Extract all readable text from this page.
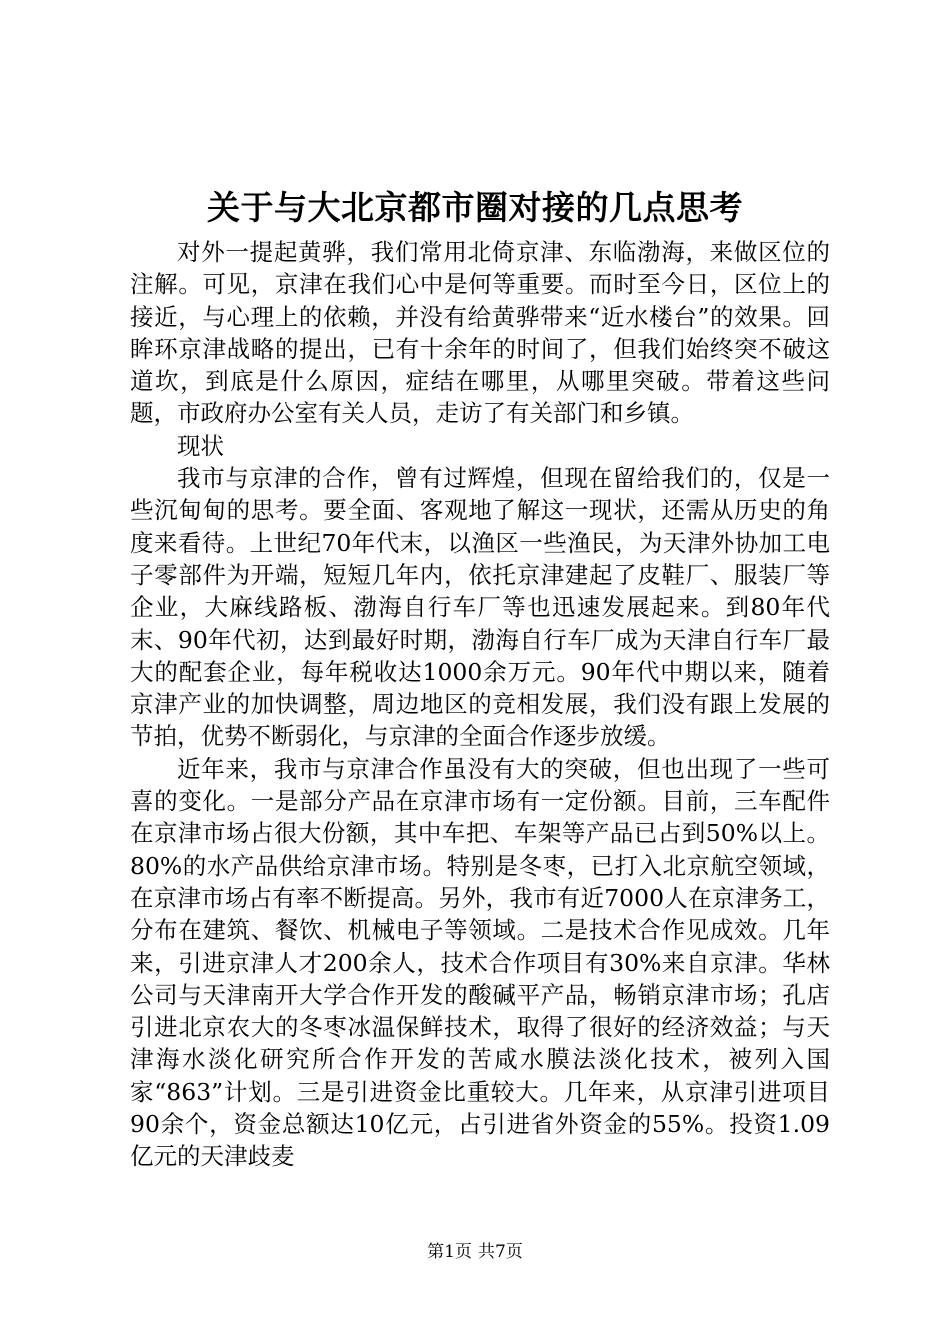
关于与大北京都市圈对接的几点思考

对外一提起黄骅，我们常用北倚京津、东临渤海，来做区位的注解。可见，京津在我们心中是何等重要。而时至今日，区位上的接近，与心理上的依赖，并没有给黄骅带来“近水楼台”的效果。回眸环京津战略的提出，已有十余年的时间了，但我们始终突不破这道坎，到底是什么原因，症结在哪里，从哪里突破。带着这些问题，市政府办公室有关人员，走访了有关部门和乡镇。

现状

我市与京津的合作，曾有过辉煌，但现在留给我们的，仅是一些沉甸甸的思考。要全面、客观地了解这一现状，还需从历史的角度来看待。上世纪70年代末，以渔区一些渔民，为天津外协加工电子零部件为开端，短短几年内，依托京津建起了皮鞋厂、服装厂等企业，大麻线路板、渤海自行车厂等也迅速发展起来。到80年代末、90年代初，达到最好时期，渤海自行车厂成为天津自行车厂最大的配套企业，每年税收达1000余万元。90年代中期以来，随着京津产业的加快调整，周边地区的竞相发展，我们没有跟上发展的节拍，优势不断弱化，与京津的全面合作逐步放缓。

近年来，我市与京津合作虽没有大的突破，但也出现了一些可喜的变化。一是部分产品在京津市场有一定份额。目前，三车配件在京津市场占很大份额，其中车把、车架等产品已占到50%以上。80%的水产品供给京津市场。特别是冬枣，已打入北京航空领域，在京津市场占有率不断提高。另外，我市有近7000人在京津务工，分布在建筑、餐饮、机械电子等领域。二是技术合作见成效。几年来，引进京津人才200余人，技术合作项目有30%来自京津。华林公司与天津南开大学合作开发的酸碱平产品，畅销京津市场；孔店引进北京农大的冬枣冰温保鲜技术，取得了很好的经济效益；与天津海水淡化研究所合作开发的苦咸水膜法淡化技术，被列入国家“863”计划。三是引进资金比重较大。几年来，从京津引进项目90余个，资金总额达10亿元，占引进省外资金的55%。投资1.09亿元的天津歧麦

第1页 共7页
